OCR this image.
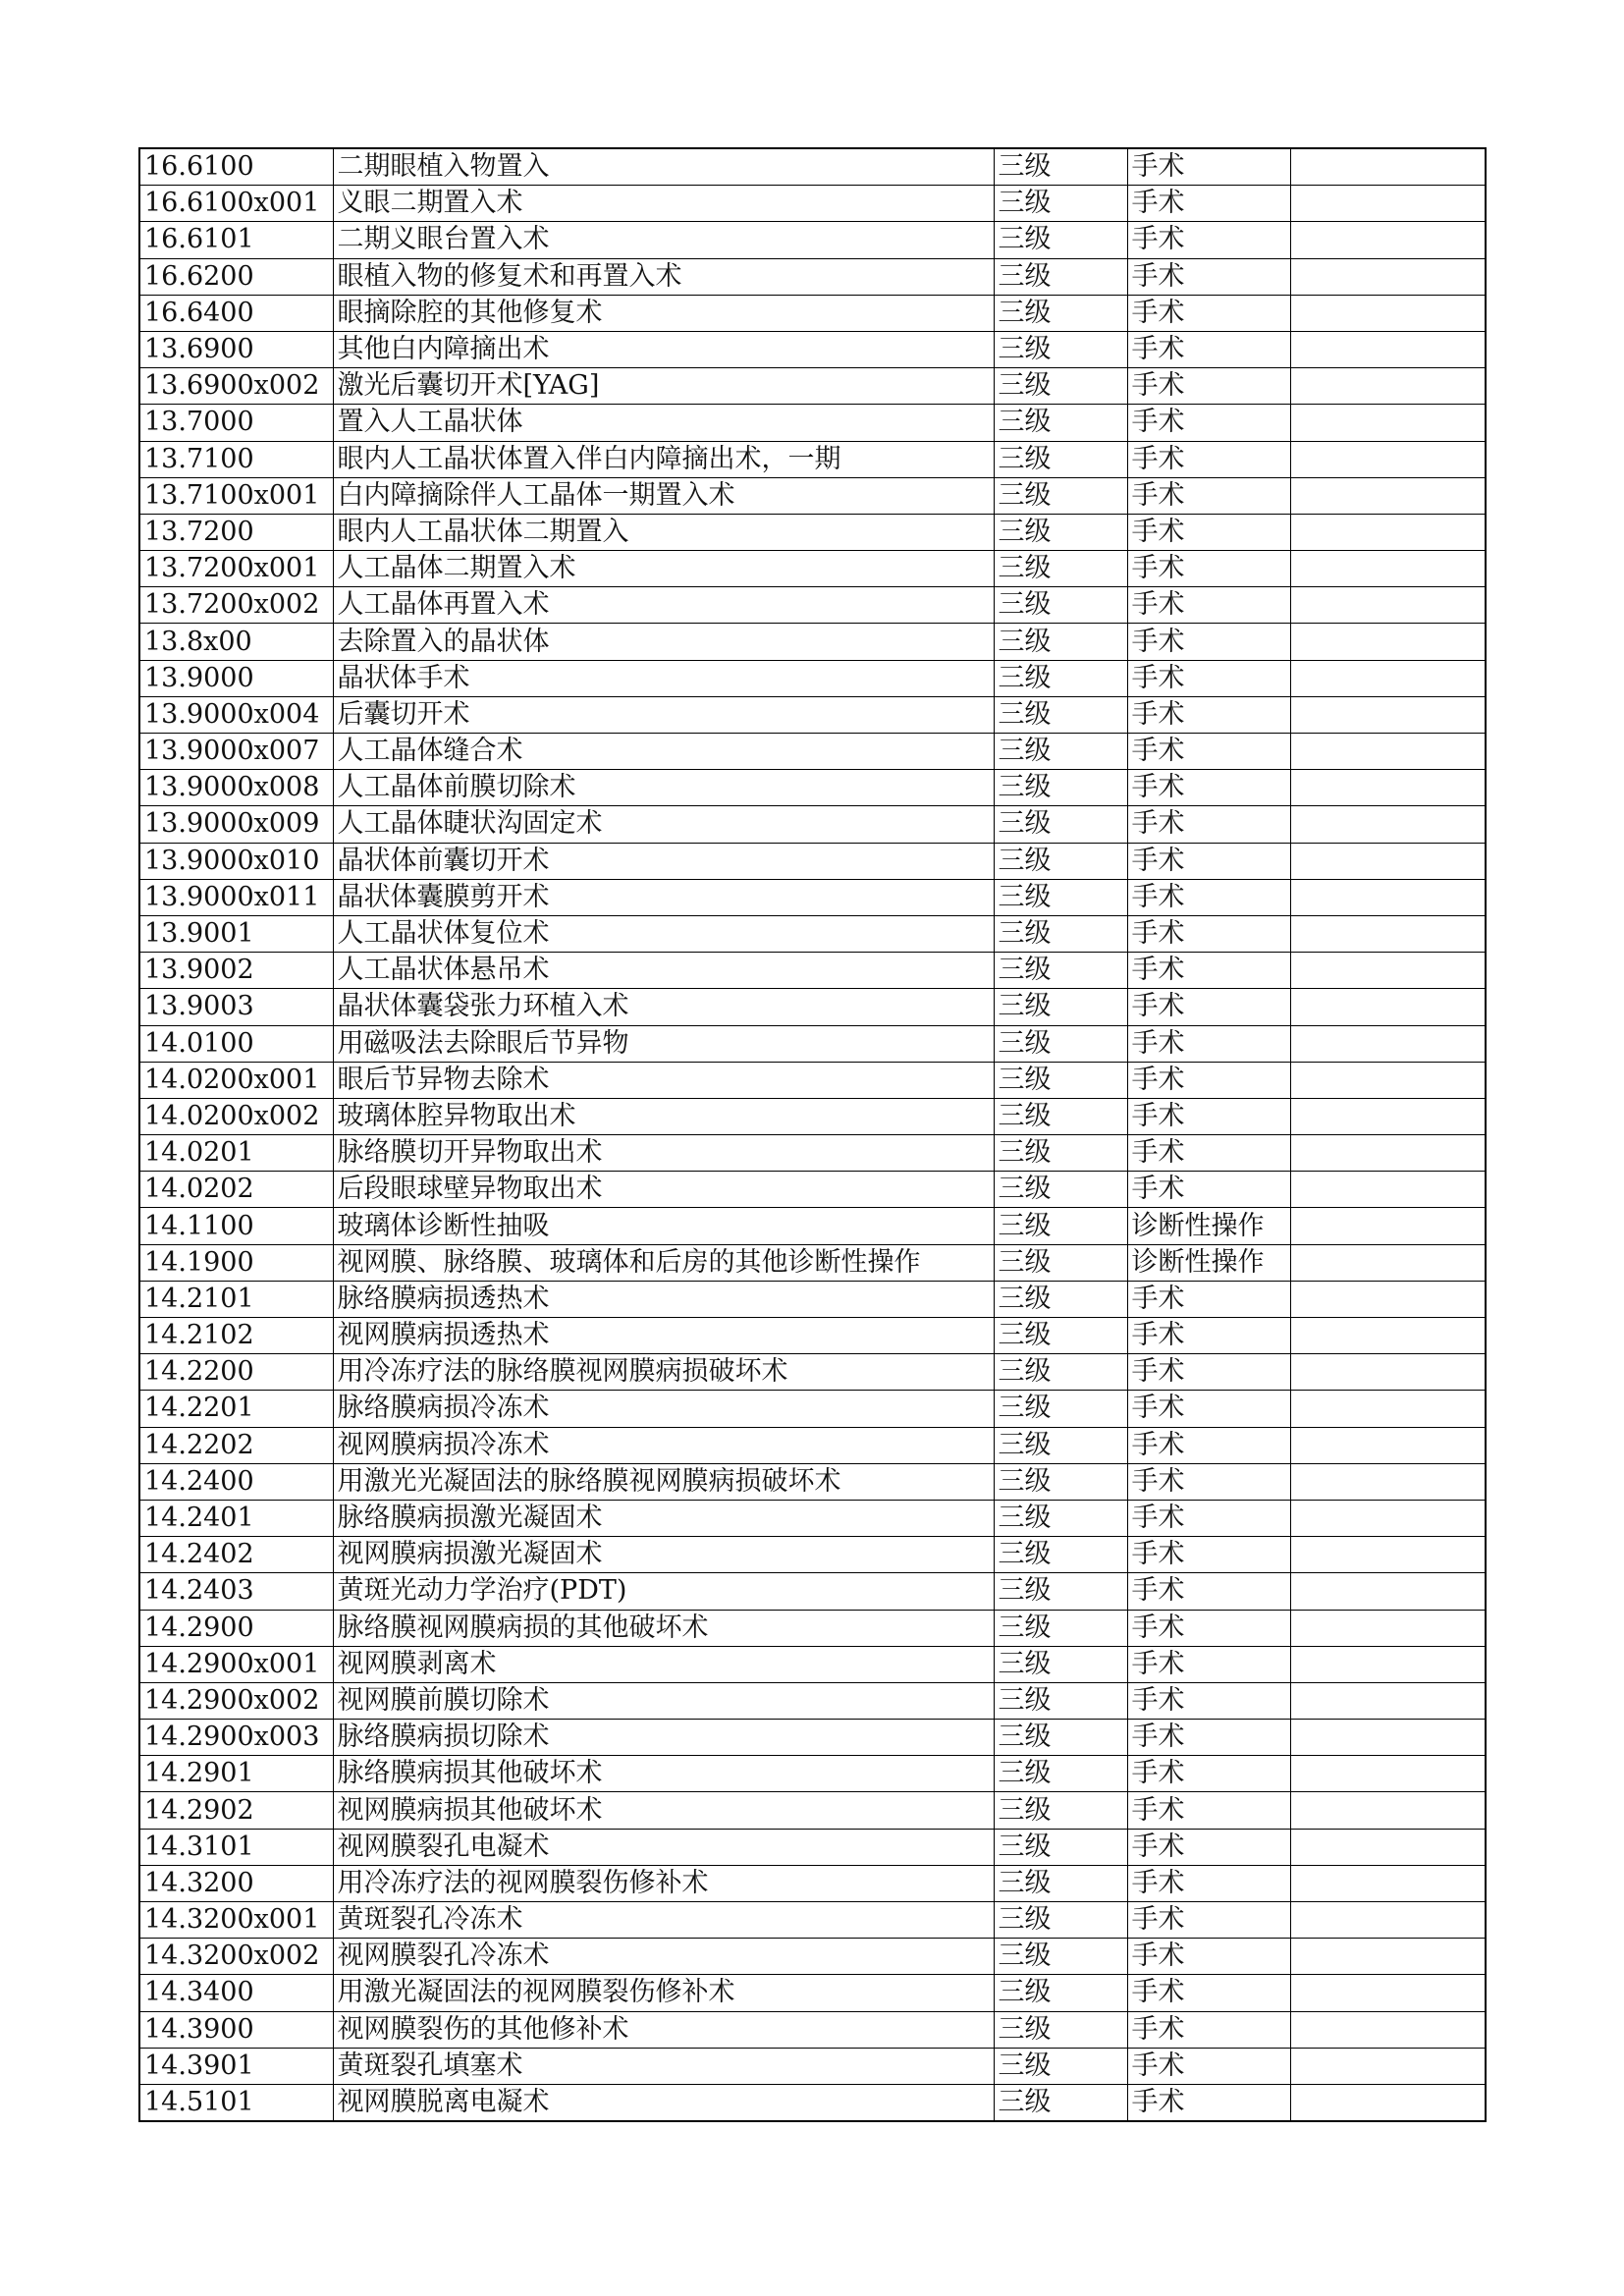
16.6100	二期眼植入物置入	三级	手术	
16.6100x001	义眼二期置入术	三级	手术	
16.6101	二期义眼台置入术	三级	手术	
16.6200	眼植入物的修复术和再置入术	三级	手术	
16.6400	眼摘除腔的其他修复术	三级	手术	
13.6900	其他白内障摘出术	三级	手术	
13.6900x002	激光后囊切开术[YAG]	三级	手术	
13.7000	置入人工晶状体	三级	手术	
13.7100	眼内人工晶状体置入伴白内障摘出术，一期	三级	手术	
13.7100x001	白内障摘除伴人工晶体一期置入术	三级	手术	
13.7200	眼内人工晶状体二期置入	三级	手术	
13.7200x001	人工晶体二期置入术	三级	手术	
13.7200x002	人工晶体再置入术	三级	手术	
13.8x00	去除置入的晶状体	三级	手术	
13.9000	晶状体手术	三级	手术	
13.9000x004	后囊切开术	三级	手术	
13.9000x007	人工晶体缝合术	三级	手术	
13.9000x008	人工晶体前膜切除术	三级	手术	
13.9000x009	人工晶体睫状沟固定术	三级	手术	
13.9000x010	晶状体前囊切开术	三级	手术	
13.9000x011	晶状体囊膜剪开术	三级	手术	
13.9001	人工晶状体复位术	三级	手术	
13.9002	人工晶状体悬吊术	三级	手术	
13.9003	晶状体囊袋张力环植入术	三级	手术	
14.0100	用磁吸法去除眼后节异物	三级	手术	
14.0200x001	眼后节异物去除术	三级	手术	
14.0200x002	玻璃体腔异物取出术	三级	手术	
14.0201	脉络膜切开异物取出术	三级	手术	
14.0202	后段眼球壁异物取出术	三级	手术	
14.1100	玻璃体诊断性抽吸	三级	诊断性操作	
14.1900	视网膜、脉络膜、玻璃体和后房的其他诊断性操作	三级	诊断性操作	
14.2101	脉络膜病损透热术	三级	手术	
14.2102	视网膜病损透热术	三级	手术	
14.2200	用冷冻疗法的脉络膜视网膜病损破坏术	三级	手术	
14.2201	脉络膜病损冷冻术	三级	手术	
14.2202	视网膜病损冷冻术	三级	手术	
14.2400	用激光光凝固法的脉络膜视网膜病损破坏术	三级	手术	
14.2401	脉络膜病损激光凝固术	三级	手术	
14.2402	视网膜病损激光凝固术	三级	手术	
14.2403	黄斑光动力学治疗(PDT)	三级	手术	
14.2900	脉络膜视网膜病损的其他破坏术	三级	手术	
14.2900x001	视网膜剥离术	三级	手术	
14.2900x002	视网膜前膜切除术	三级	手术	
14.2900x003	脉络膜病损切除术	三级	手术	
14.2901	脉络膜病损其他破坏术	三级	手术	
14.2902	视网膜病损其他破坏术	三级	手术	
14.3101	视网膜裂孔电凝术	三级	手术	
14.3200	用冷冻疗法的视网膜裂伤修补术	三级	手术	
14.3200x001	黄斑裂孔冷冻术	三级	手术	
14.3200x002	视网膜裂孔冷冻术	三级	手术	
14.3400	用激光凝固法的视网膜裂伤修补术	三级	手术	
14.3900	视网膜裂伤的其他修补术	三级	手术	
14.3901	黄斑裂孔填塞术	三级	手术	
14.5101	视网膜脱离电凝术	三级	手术	
